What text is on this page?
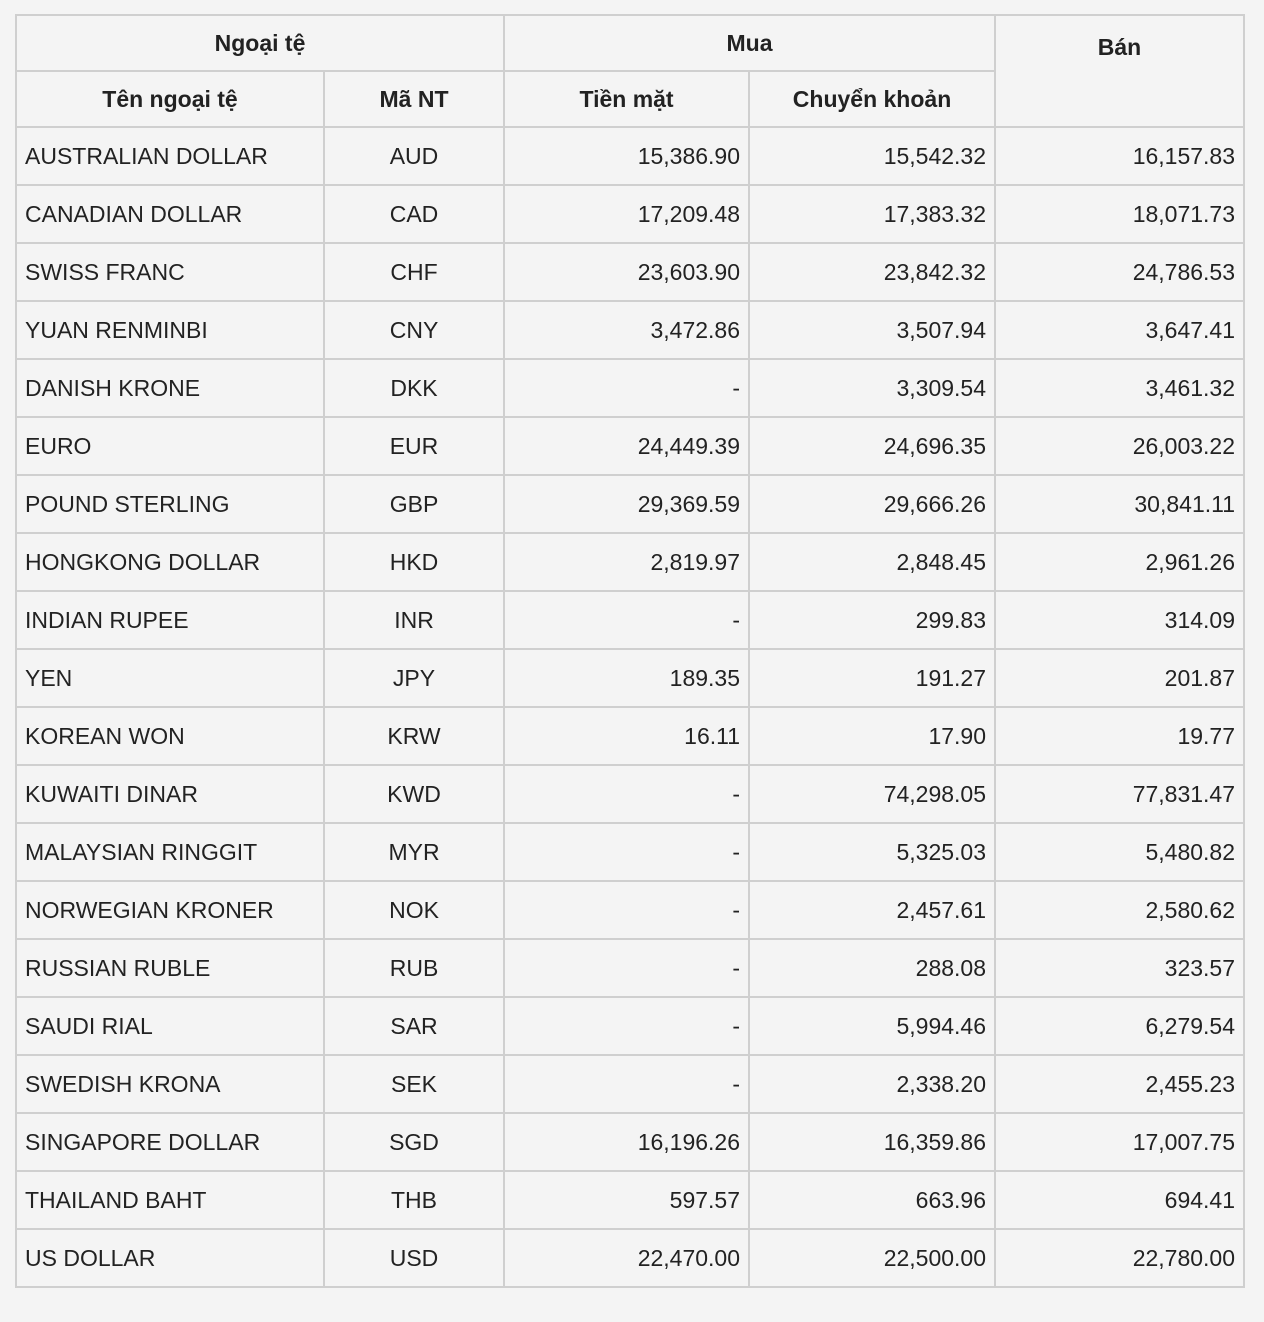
Ngoại tệ		Mua		Bán
Tên ngoại tệ	Mã NT	Tiền mặt	Chuyển khoản	
AUSTRALIAN DOLLAR	AUD	15,386.90	15,542.32	16,157.83
CANADIAN DOLLAR	CAD	17,209.48	17,383.32	18,071.73
SWISS FRANC	CHF	23,603.90	23,842.32	24,786.53
YUAN RENMINBI	CNY	3,472.86	3,507.94	3,647.41
DANISH KRONE	DKK	-	3,309.54	3,461.32
EURO	EUR	24,449.39	24,696.35	26,003.22
POUND STERLING	GBP	29,369.59	29,666.26	30,841.11
HONGKONG DOLLAR	HKD	2,819.97	2,848.45	2,961.26
INDIAN RUPEE	INR	-	299.83	314.09
YEN	JPY	189.35	191.27	201.87
KOREAN WON	KRW	16.11	17.90	19.77
KUWAITI DINAR	KWD	-	74,298.05	77,831.47
MALAYSIAN RINGGIT	MYR	-	5,325.03	5,480.82
NORWEGIAN KRONER	NOK	-	2,457.61	2,580.62
RUSSIAN RUBLE	RUB	-	288.08	323.57
SAUDI RIAL	SAR	-	5,994.46	6,279.54
SWEDISH KRONA	SEK	-	2,338.20	2,455.23
SINGAPORE DOLLAR	SGD	16,196.26	16,359.86	17,007.75
THAILAND BAHT	THB	597.57	663.96	694.41
US DOLLAR	USD	22,470.00	22,500.00	22,780.00
